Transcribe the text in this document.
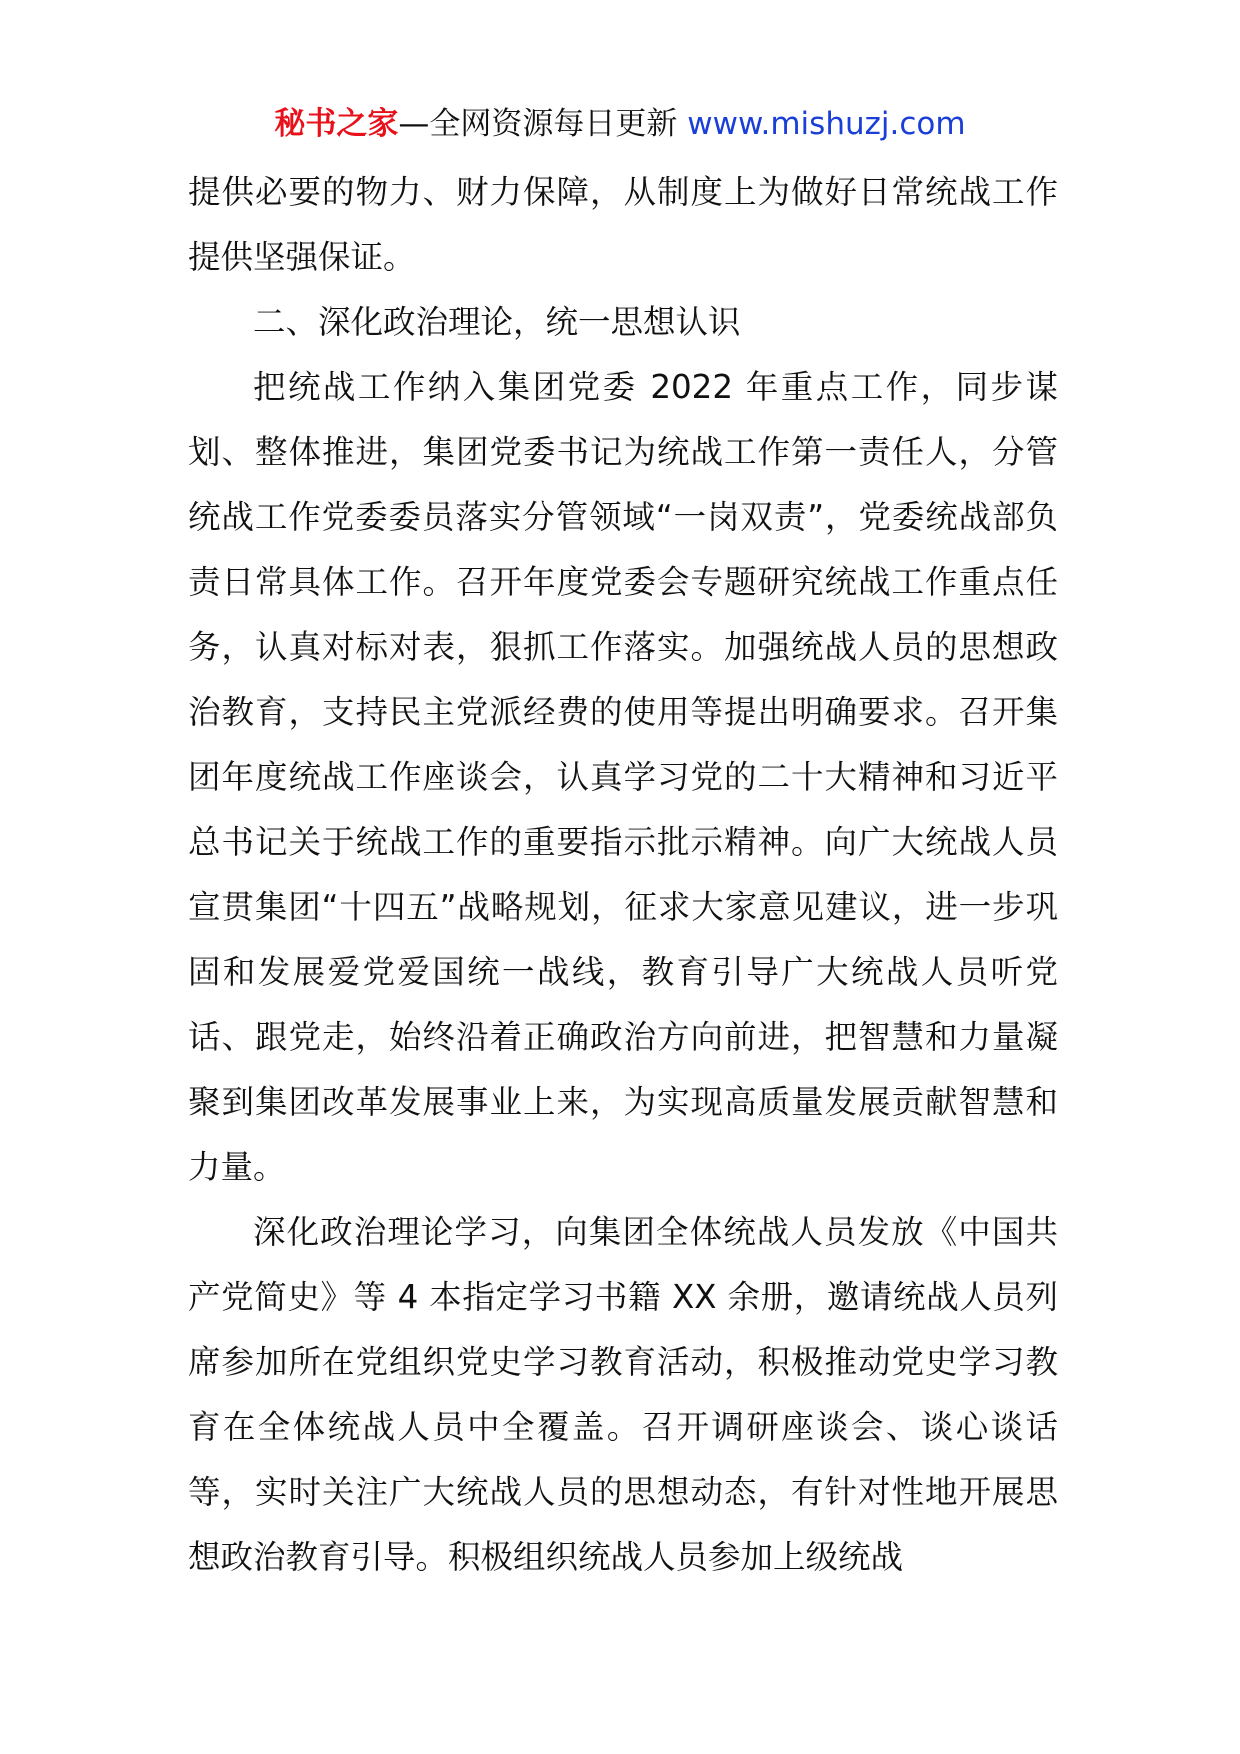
秘书之家—全网资源每日更新 www.mishuzj.com

提供必要的物力、财力保障，从制度上为做好日常统战工作提供坚强保证。

二、深化政治理论，统一思想认识

把统战工作纳入集团党委 2022 年重点工作，同步谋划、整体推进，集团党委书记为统战工作第一责任人，分管统战工作党委委员落实分管领域“一岗双责”，党委统战部负责日常具体工作。召开年度党委会专题研究统战工作重点任务，认真对标对表，狠抓工作落实。加强统战人员的思想政治教育，支持民主党派经费的使用等提出明确要求。召开集团年度统战工作座谈会，认真学习党的二十大精神和习近平总书记关于统战工作的重要指示批示精神。向广大统战人员宣贯集团“十四五”战略规划，征求大家意见建议，进一步巩固和发展爱党爱国统一战线，教育引导广大统战人员听党话、跟党走，始终沿着正确政治方向前进，把智慧和力量凝聚到集团改革发展事业上来，为实现高质量发展贡献智慧和力量。

深化政治理论学习，向集团全体统战人员发放《中国共产党简史》等 4 本指定学习书籍 XX 余册，邀请统战人员列席参加所在党组织党史学习教育活动，积极推动党史学习教育在全体统战人员中全覆盖。召开调研座谈会、谈心谈话等，实时关注广大统战人员的思想动态，有针对性地开展思想政治教育引导。积极组织统战人员参加上级统战
